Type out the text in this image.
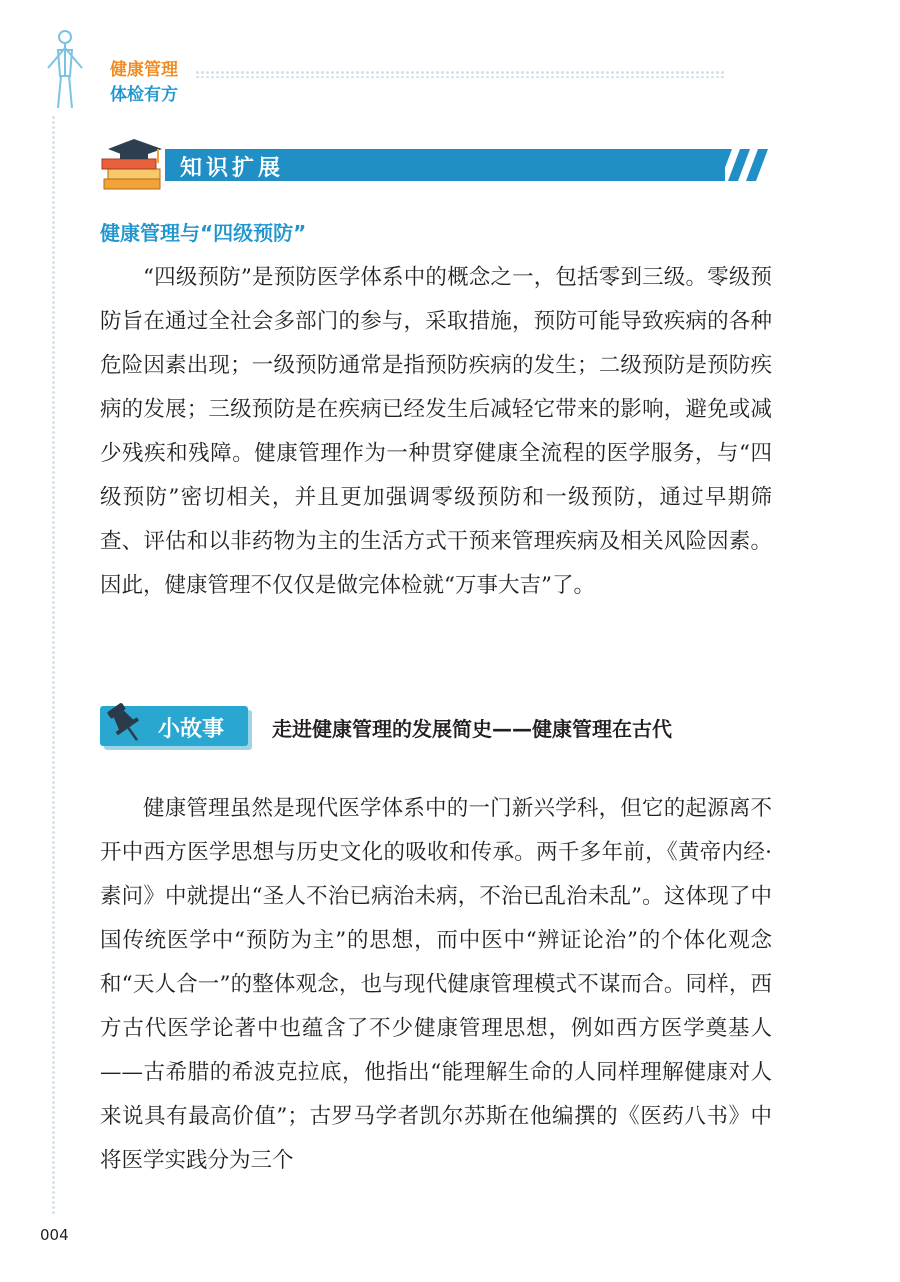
健康管理
体检有方
知识扩展
健康管理与“四级预防”

“四级预防”是预防医学体系中的概念之一，包括零到三级。零级预防旨在通过全社会多部门的参与，采取措施，预防可能导致疾病的各种危险因素出现；一级预防通常是指预防疾病的发生；二级预防是预防疾病的发展；三级预防是在疾病已经发生后减轻它带来的影响，避免或减少残疾和残障。健康管理作为一种贯穿健康全流程的医学服务，与“四级预防”密切相关，并且更加强调零级预防和一级预防，通过早期筛查、评估和以非药物为主的生活方式干预来管理疾病及相关风险因素。因此，健康管理不仅仅是做完体检就“万事大吉”了。

小故事 走进健康管理的发展简史——健康管理在古代

健康管理虽然是现代医学体系中的一门新兴学科，但它的起源离不开中西方医学思想与历史文化的吸收和传承。两千多年前，《黄帝内经·素问》中就提出“圣人不治已病治未病，不治已乱治未乱”。这体现了中国传统医学中“预防为主”的思想，而中医中“辨证论治”的个体化观念和“天人合一”的整体观念，也与现代健康管理模式不谋而合。同样，西方古代医学论著中也蕴含了不少健康管理思想，例如西方医学奠基人——古希腊的希波克拉底，他指出“能理解生命的人同样理解健康对人来说具有最高价值”；古罗马学者凯尔苏斯在他编撰的《医药八书》中将医学实践分为三个

004
